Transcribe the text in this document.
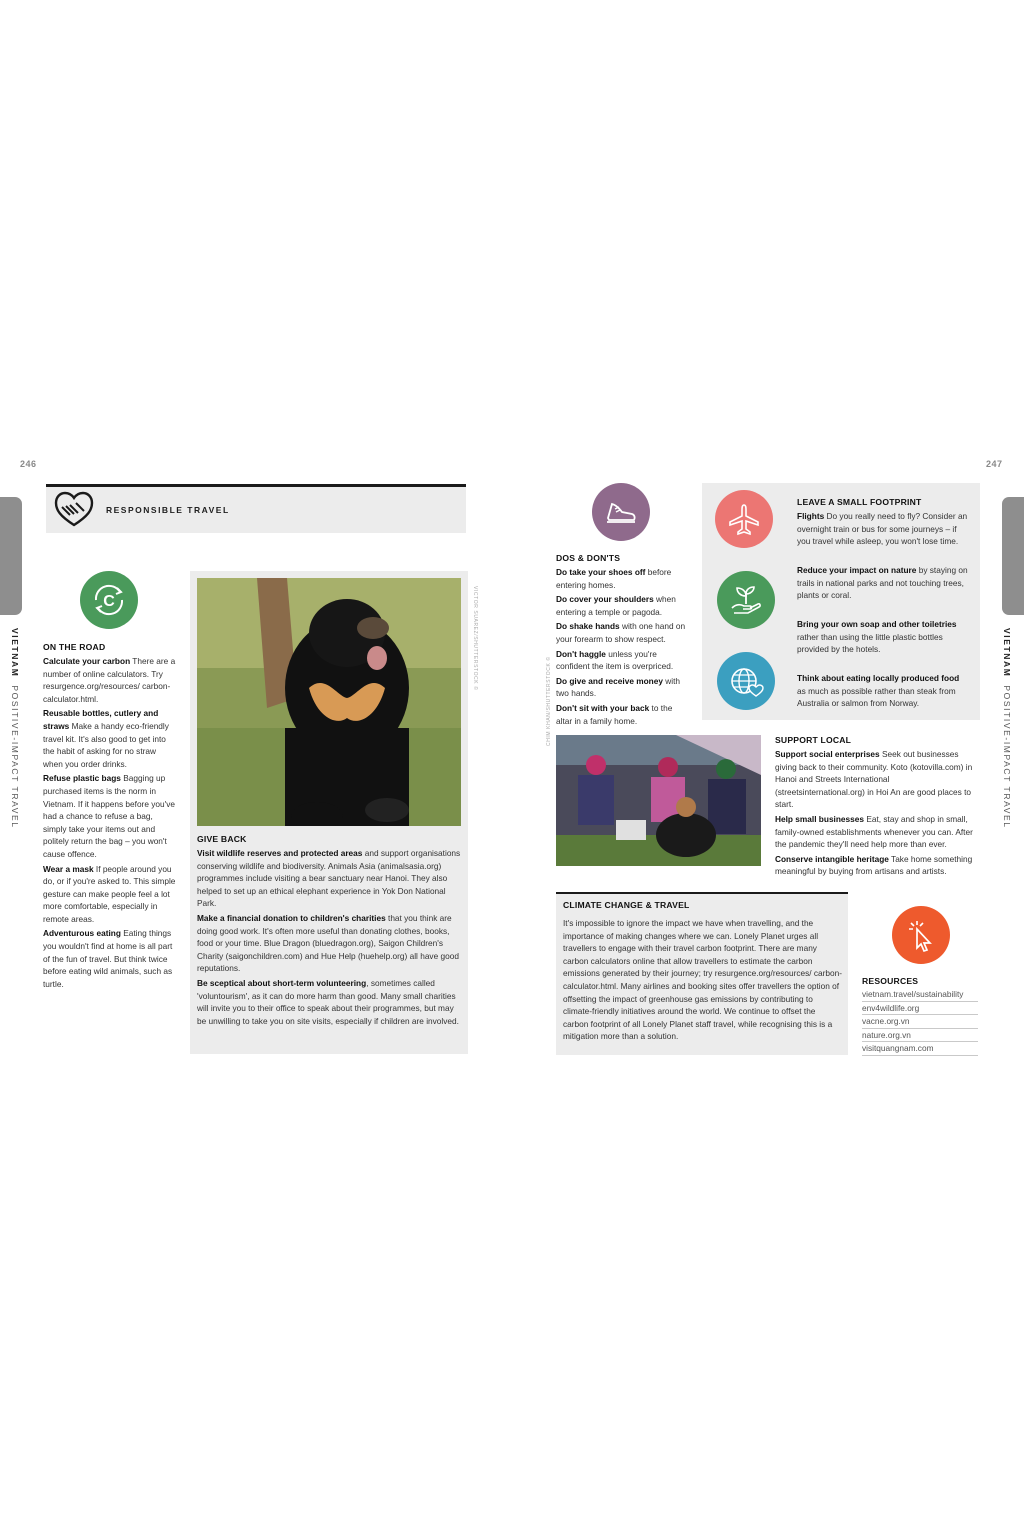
246
VIETNAM  POSITIVE-IMPACT TRAVEL
RESPONSIBLE TRAVEL
C
ON THE ROAD

Calculate your carbon There are a number of online calculators. Try resurgence.org/resources/ carbon-calculator.html.

Reusable bottles, cutlery and straws Make a handy eco-friendly travel kit. It's also good to get into the habit of asking for no straw when you order drinks.

Refuse plastic bags Bagging up purchased items is the norm in Vietnam. If it happens before you've had a chance to refuse a bag, simply take your items out and politely return the bag – you won't cause offence.

Wear a mask If people around you do, or if you're asked to. This simple gesture can make people feel a lot more comfortable, especially in remote areas.

Adventurous eating Eating things you wouldn't find at home is all part of the fun of travel. But think twice before eating wild animals, such as turtle.

VICTOR SUAREZ/SHUTTERSTOCK ©
GIVE BACK

Visit wildlife reserves and protected areas and support organisations conserving wildlife and biodiversity. Animals Asia (animalsasia.org) programmes include visiting a bear sanctuary near Hanoi. They also helped to set up an ethical elephant experience in Yok Don National Park.

Make a financial donation to children's charities that you think are doing good work. It's often more useful than donating clothes, books, food or your time. Blue Dragon (bluedragon.org), Saigon Children's Charity (saigonchildren.com) and Hue Help (huehelp.org) all have good reputations.

Be sceptical about short-term volunteering, sometimes called 'voluntourism', as it can do more harm than good. Many small charities will invite you to their office to speak about their programmes, but may be unwilling to take you on site visits, especially if children are involved.

247
VIETNAM  POSITIVE-IMPACT TRAVEL
DOS & DON'TS

Do take your shoes off before entering homes.

Do cover your shoulders when entering a temple or pagoda.

Do shake hands with one hand on your forearm to show respect.

Don't haggle unless you're confident the item is overpriced.

Do give and receive money with two hands.

Don't sit with your back to the altar in a family home.

LEAVE A SMALL FOOTPRINT
Flights Do you really need to fly? Consider an overnight train or bus for some journeys – if you travel while asleep, you won't lose time.
Reduce your impact on nature by staying on trails in national parks and not touching trees, plants or coral.
Bring your own soap and other toiletries rather than using the little plastic bottles provided by the hotels.
Think about eating locally produced food as much as possible rather than steak from Australia or salmon from Norway.
CHIM KHAN/SHUTTERSTOCK ©	SUPPORT LOCAL

Support social enterprises Seek out businesses giving back to their community. Koto (kotovilla.com) in Hanoi and Streets International (streetsinternational.org) in Hoi An are good places to start.

Help small businesses Eat, stay and shop in small, family-owned establishments whenever you can. After the pandemic they'll need help more than ever.

Conserve intangible heritage Take home something meaningful by buying from artisans and artists.

CLIMATE CHANGE & TRAVEL
It's impossible to ignore the impact we have when travelling, and the importance of making changes where we can. Lonely Planet urges all travellers to engage with their travel carbon footprint. There are many carbon calculators online that allow travellers to estimate the carbon emissions generated by their journey; try resurgence.org/resources/ carbon-calculator.html. Many airlines and booking sites offer travellers the option of offsetting the impact of greenhouse gas emissions by contributing to climate-friendly initiatives around the world. We continue to offset the carbon footprint of all Lonely Planet staff travel, while recognising this is a mitigation more than a solution.
RESOURCES
vietnam.travel/sustainability
env4wildlife.org
vacne.org.vn
nature.org.vn
visitquangnam.com
